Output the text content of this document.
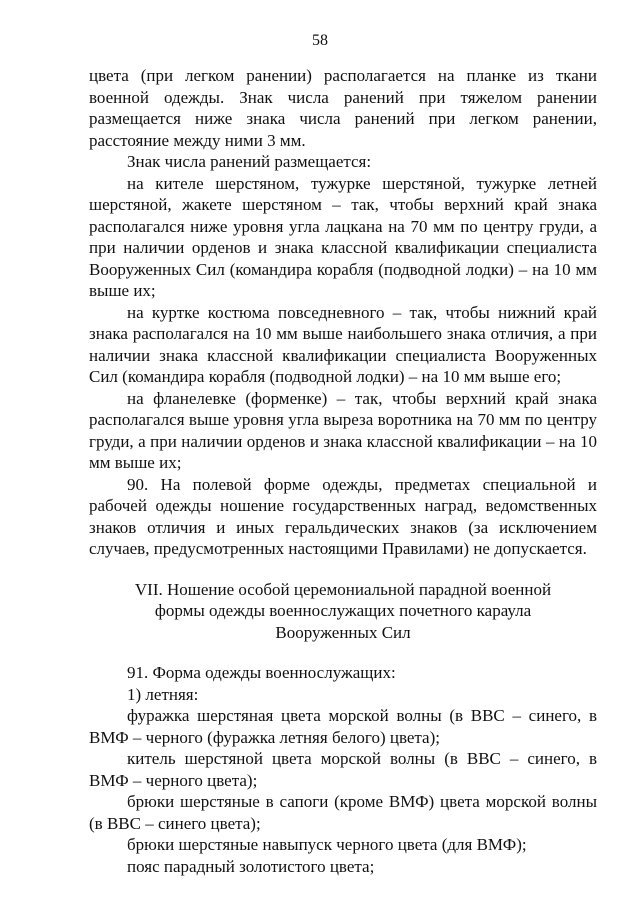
58

цвета (при легком ранении) располагается на планке из ткани военной одежды. Знак числа ранений при тяжелом ранении размещается ниже знака числа ранений при легком ранении, расстояние между ними 3 мм.

Знак числа ранений размещается:

на кителе шерстяном, тужурке шерстяной, тужурке летней шерстяной, жакете шерстяном – так, чтобы верхний край знака располагался ниже уровня угла лацкана на 70 мм по центру груди, а при наличии орденов и знака классной квалификации специалиста Вооруженных Сил (командира корабля (подводной лодки) – на 10 мм выше их;

на куртке костюма повседневного – так, чтобы нижний край знака располагался на 10 мм выше наибольшего знака отличия, а при наличии знака классной квалификации специалиста Вооруженных Сил (командира корабля (подводной лодки) – на 10 мм выше его;

на фланелевке (форменке) – так, чтобы верхний край знака располагался выше уровня угла выреза воротника на 70 мм по центру груди, а при наличии орденов и знака классной квалификации – на 10 мм выше их;

90. На полевой форме одежды, предметах специальной и рабочей одежды ношение государственных наград, ведомственных знаков отличия и иных геральдических знаков (за исключением случаев, предусмотренных настоящими Правилами) не допускается.

VII. Ношение особой церемониальной парадной военной
формы одежды военнослужащих почетного караула
Вооруженных Сил

91. Форма одежды военнослужащих:

1) летняя:

фуражка шерстяная цвета морской волны (в ВВС – синего, в ВМФ – черного (фуражка летняя белого) цвета);

китель шерстяной цвета морской волны (в ВВС – синего, в ВМФ – черного цвета);

брюки шерстяные в сапоги (кроме ВМФ) цвета морской волны (в ВВС – синего цвета);

брюки шерстяные навыпуск черного цвета (для ВМФ);

пояс парадный золотистого цвета;
